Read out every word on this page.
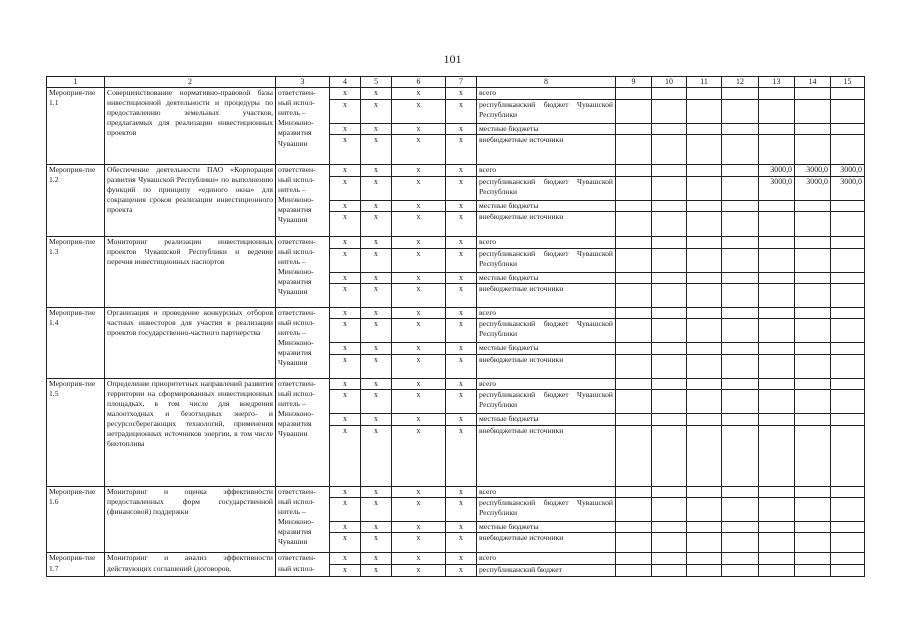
101
1	2	3	4	5	6	7	8	9	10	11	12	13	14	15
Мероприя-тие 1.1	Совершенствование нормативно-правовой базы инвестиционной деятельности и процедуры по предоставлению земельных участков, предлагаемых для реализации инвестиционных проектов	ответствен-ный испол-нитель – Минэконо-мразвития Чувашии	х	х	х	х	всего							
			х	х	х	х	республиканский бюджет Чувашской Республики							
			х	х	х	х	местные бюджеты							
			х	х	х	х	внебюджетные источники							
Мероприя-тие 1.2	Обеспечение деятельности ПАО «Корпорация развития Чувашской Республики» по выполнению функций по принципу «единого окна» для сокращения сроков реализации инвестиционного проекта	ответствен-ный испол-нитель – Минэконо-мразвития Чувашии	х	х	х	х	всего					3000,0	3000,0	3000,0
			х	х	х	х	республиканский бюджет Чувашской Республики					3000,0	3000,0	3000,0
			х	х	х	х	местные бюджеты							
			х	х	х	х	внебюджетные источники							
Мероприя-тие 1.3	Мониторинг реализации инвестиционных проектов Чувашской Республики и ведение перечня инвестиционных паспортов	ответствен-ный испол-нитель – Минэконо-мразвития Чувашии	х	х	х	х	всего							
			х	х	х	х	республиканский бюджет Чувашской Республики							
			х	х	х	х	местные бюджеты							
			х	х	х	х	внебюджетные источники							
Мероприя-тие 1.4	Организация и проведение конкурсных отборов частных инвесторов для участия в реализации проектов государственно-частного партнерства	ответствен-ный испол-нитель – Минэконо-мразвития Чувашии	х	х	х	х	всего							
			х	х	х	х	республиканский бюджет Чувашской Республики							
			х	х	х	х	местные бюджеты							
			х	х	х	х	внебюджетные источники							
Мероприя-тие 1.5	Определение приоритетных направлений развития территории на сформированных инвестиционных площадках, в том числе для внедрения малоотходных и безотходных энерго- и ресурсосберегающих технологий, применения нетрадиционных источников энергии, в том числе биотоплива	ответствен-ный испол-нитель – Минэконо-мразвития Чувашии	х	х	х	х	всего							
			х	х	х	х	республиканский бюджет Чувашской Республики							
			х	х	х	х	местные бюджеты							
			х	х	х	х	внебюджетные источники							
Мероприя-тие 1.6	Мониторинг и оценка эффективности предоставленных форм государственной (финансовой) поддержки	ответствен-ный испол-нитель – Минэконо-мразвития Чувашии	х	х	х	х	всего							
			х	х	х	х	республиканский бюджет Чувашской Республики							
			х	х	х	х	местные бюджеты							
			х	х	х	х	внебюджетные источники							
Мероприя-тие 1.7	Мониторинг и анализ эффективности действующих соглашений (договоров,	ответствен-ный испол-	х	х	х	х	всего							
			х	х	х	х	республиканский бюджет							
